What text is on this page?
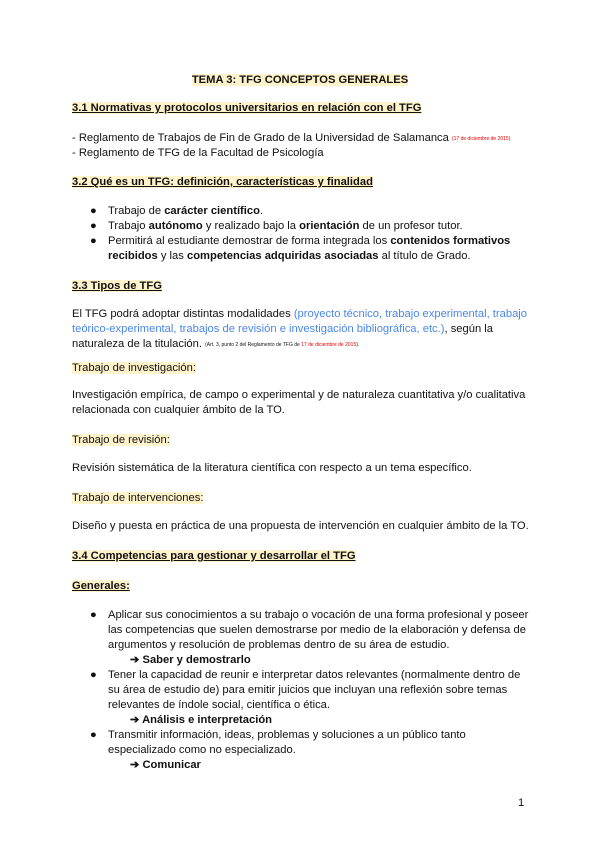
TEMA 3: TFG CONCEPTOS GENERALES
3.1 Normativas y protocolos universitarios en relación con el TFG
- Reglamento de Trabajos de Fin de Grado de la Universidad de Salamanca (17 de diciembre de 2015)
- Reglamento de TFG de la Facultad de Psicología
3.2 Qué es un TFG: definición, características y finalidad
● Trabajo de carácter científico.
● Trabajo autónomo y realizado bajo la orientación de un profesor tutor.
● Permitirá al estudiante demostrar de forma integrada los contenidos formativos
recibidos y las competencias adquiridas asociadas al título de Grado.
3.3 Tipos de TFG
El TFG podrá adoptar distintas modalidades (proyecto técnico, trabajo experimental, trabajo
teórico-experimental, trabajos de revisión e investigación bibliográfica, etc.), según la
naturaleza de la titulación. (Art. 3, punto 2 del Reglamento de TFG de 17 de diciembre de 2015).
Trabajo de investigación:
Investigación empírica, de campo o experimental y de naturaleza cuantitativa y/o cualitativa
relacionada con cualquier ámbito de la TO.
Trabajo de revisión:
Revisión sistemática de la literatura científica con respecto a un tema específico.
Trabajo de intervenciones:
Diseño y puesta en práctica de una propuesta de intervención en cualquier ámbito de la TO.
3.4 Competencias para gestionar y desarrollar el TFG
Generales:
● Aplicar sus conocimientos a su trabajo o vocación de una forma profesional y poseer
las competencias que suelen demostrarse por medio de la elaboración y defensa de
argumentos y resolución de problemas dentro de su área de estudio.
➔ Saber y demostrarlo
● Tener la capacidad de reunir e interpretar datos relevantes (normalmente dentro de
su área de estudio de) para emitir juicios que incluyan una reflexión sobre temas
relevantes de índole social, científica o ética.
➔ Análisis e interpretación
● Transmitir información, ideas, problemas y soluciones a un público tanto
especializado como no especializado.
➔ Comunicar
1
